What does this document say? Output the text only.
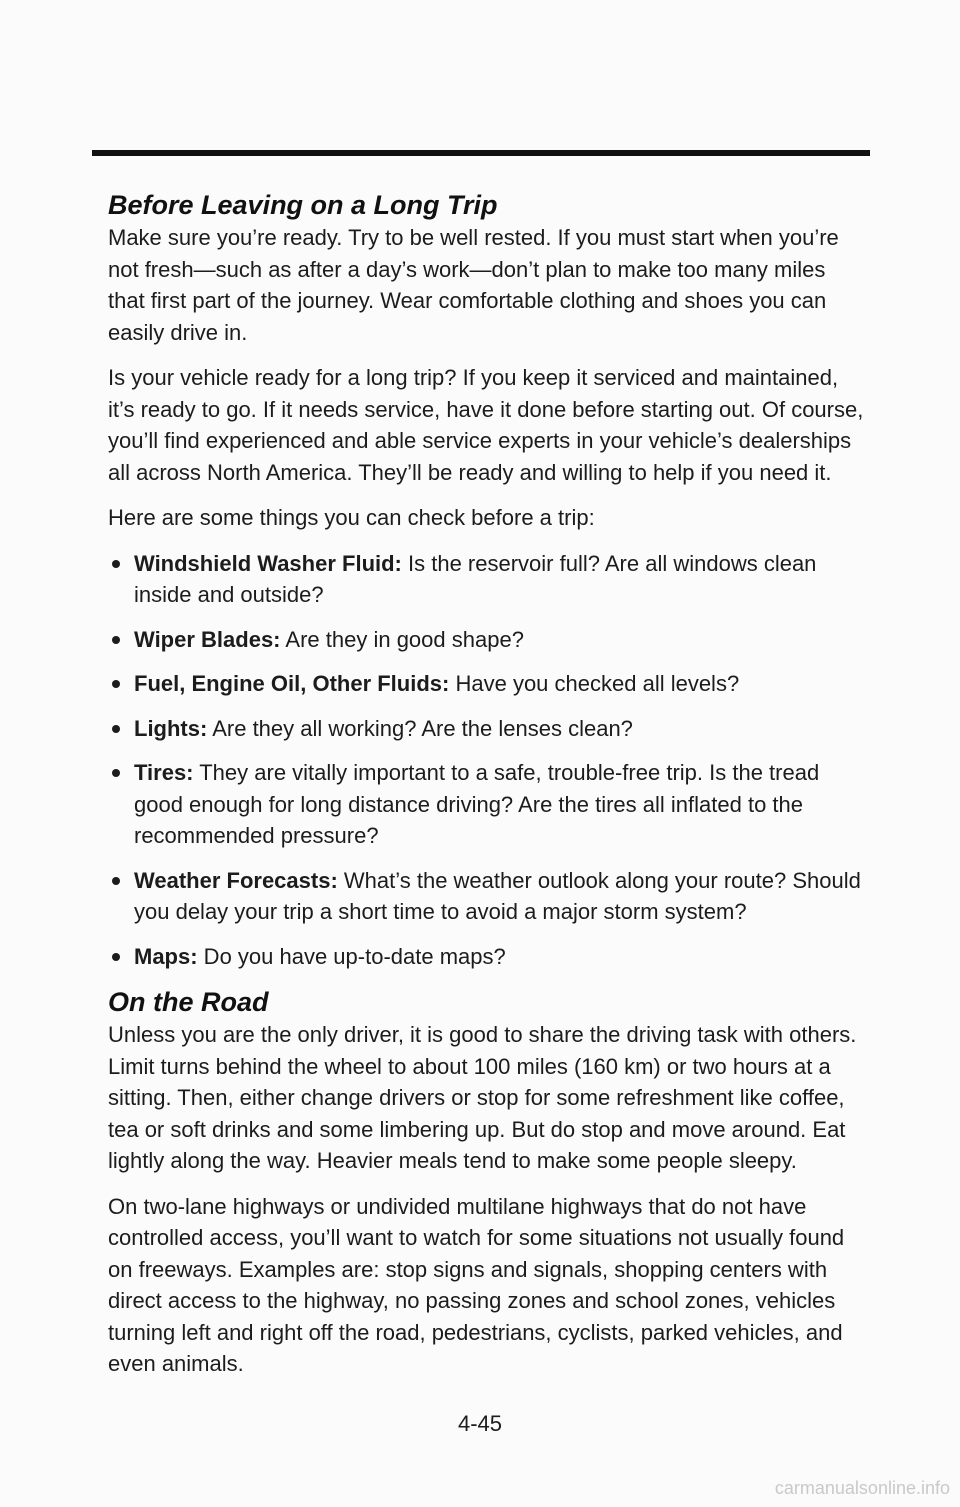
Before Leaving on a Long Trip

Make sure you’re ready. Try to be well rested. If you must start when you’re not fresh—such as after a day’s work—don’t plan to make too many miles that first part of the journey. Wear comfortable clothing and shoes you can easily drive in.

Is your vehicle ready for a long trip? If you keep it serviced and maintained, it’s ready to go. If it needs service, have it done before starting out. Of course, you’ll find experienced and able service experts in your vehicle’s dealerships all across North America. They’ll be ready and willing to help if you need it.

Here are some things you can check before a trip:

Windshield Washer Fluid: Is the reservoir full? Are all windows clean inside and outside?
Wiper Blades: Are they in good shape?
Fuel, Engine Oil, Other Fluids: Have you checked all levels?
Lights: Are they all working? Are the lenses clean?
Tires: They are vitally important to a safe, trouble-free trip. Is the tread good enough for long distance driving? Are the tires all inflated to the recommended pressure?
Weather Forecasts: What’s the weather outlook along your route? Should you delay your trip a short time to avoid a major storm system?
Maps: Do you have up-to-date maps?
On the Road

Unless you are the only driver, it is good to share the driving task with others. Limit turns behind the wheel to about 100 miles (160 km) or two hours at a sitting. Then, either change drivers or stop for some refreshment like coffee, tea or soft drinks and some limbering up. But do stop and move around. Eat lightly along the way. Heavier meals tend to make some people sleepy.

On two-lane highways or undivided multilane highways that do not have controlled access, you’ll want to watch for some situations not usually found on freeways. Examples are: stop signs and signals, shopping centers with direct access to the highway, no passing zones and school zones, vehicles turning left and right off the road, pedestrians, cyclists, parked vehicles, and even animals.

4-45
carmanualsonline.info
